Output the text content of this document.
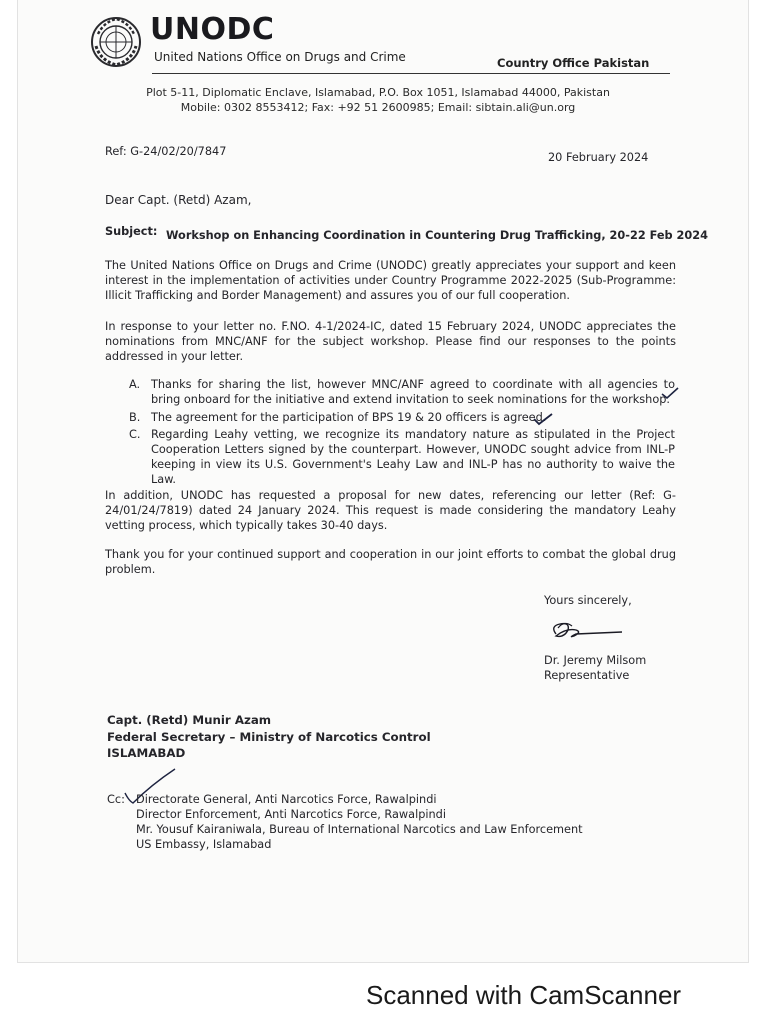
UNODC
United Nations Office on Drugs and Crime	Country Office Pakistan
Plot 5-11, Diplomatic Enclave, Islamabad, P.O. Box 1051, Islamabad 44000, Pakistan
Mobile: 0302 8553412; Fax: +92 51 2600985; Email: sibtain.ali@un.org
Ref: G-24/02/20/7847	20 February 2024
Dear Capt. (Retd) Azam,
Subject: Workshop on Enhancing Coordination in Countering Drug Trafficking, 20-22 Feb 2024
The United Nations Office on Drugs and Crime (UNODC) greatly appreciates your support and keen interest in the implementation of activities under Country Programme 2022-2025 (Sub-Programme: Illicit Trafficking and Border Management) and assures you of our full cooperation.
In response to your letter no. F.NO. 4-1/2024-IC, dated 15 February 2024, UNODC appreciates the nominations from MNC/ANF for the subject workshop. Please find our responses to the points addressed in your letter.
A. Thanks for sharing the list, however MNC/ANF agreed to coordinate with all agencies to bring onboard for the initiative and extend invitation to seek nominations for the workshop.
B. The agreement for the participation of BPS 19 & 20 officers is agreed.
C. Regarding Leahy vetting, we recognize its mandatory nature as stipulated in the Project Cooperation Letters signed by the counterpart. However, UNODC sought advice from INL-P keeping in view its U.S. Government's Leahy Law and INL-P has no authority to waive the Law.
In addition, UNODC has requested a proposal for new dates, referencing our letter (Ref: G-24/01/24/7819) dated 24 January 2024. This request is made considering the mandatory Leahy vetting process, which typically takes 30-40 days.
Thank you for your continued support and cooperation in our joint efforts to combat the global drug problem.
Yours sincerely,
Dr. Jeremy Milsom
Representative
Capt. (Retd) Munir Azam
Federal Secretary – Ministry of Narcotics Control
ISLAMABAD
Cc: Directorate General, Anti Narcotics Force, Rawalpindi
Director Enforcement, Anti Narcotics Force, Rawalpindi
Mr. Yousuf Kairaniwala, Bureau of International Narcotics and Law Enforcement
US Embassy, Islamabad
Scanned with CamScanner
